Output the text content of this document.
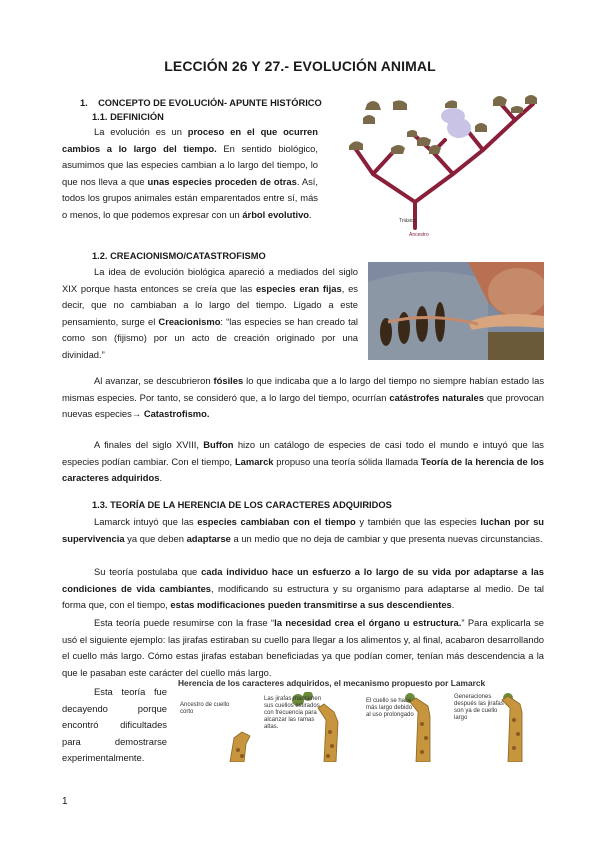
LECCIÓN 26 Y 27.- EVOLUCIÓN ANIMAL
1.    CONCEPTO DE EVOLUCIÓN- APUNTE HISTÓRICO
1.1. DEFINICIÓN
La evolución es un proceso en el que ocurren cambios a lo largo del tiempo. En sentido biológico, asumimos que las especies cambian a lo largo del tiempo, lo que nos lleva a que unas especies proceden de otras. Así, todos los grupos animales están emparentados entre sí, más o menos, lo que podemos expresar con un árbol evolutivo.
Triásico
Ancestro
1.2. CREACIONISMO/CATASTROFISMO
La idea de evolución biológica apareció a mediados del siglo XIX porque hasta entonces se creía que las especies eran fijas, es decir, que no cambiaban a lo largo del tiempo. Ligado a este pensamiento, surge el Creacionismo: “las especies se han creado tal como son (fijismo) por un acto de creación originado por una divinidad.”
Al avanzar, se descubrieron fósiles lo que indicaba que a lo largo del tiempo no siempre habían estado las mismas especies. Por tanto, se consideró que, a lo largo del tiempo, ocurrían catástrofes naturales que provocan nuevas especies→ Catastrofismo.
A finales del siglo XVIII, Buffon hizo un catálogo de especies de casi todo el mundo e intuyó que las especies podían cambiar. Con el tiempo, Lamarck propuso una teoría sólida llamada Teoría de la herencia de los caracteres adquiridos.
1.3. TEORÍA DE LA HERENCIA DE LOS CARACTERES ADQUIRIDOS
Lamarck intuyó que las especies cambiaban con el tiempo y también que las especies luchan por su supervivencia ya que deben adaptarse a un medio que no deja de cambiar y que presenta nuevas circunstancias.
Su teoría postulaba que cada individuo hace un esfuerzo a lo largo de su vida por adaptarse a las condiciones de vida cambiantes, modificando su estructura y su organismo para adaptarse al medio. De tal forma que, con el tiempo, estas modificaciones pueden transmitirse a sus descendientes.
Esta teoría puede resumirse con la frase “la necesidad crea el órgano u estructura.” Para explicarla se usó el siguiente ejemplo: las jirafas estiraban su cuello para llegar a los alimentos y, al final, acabaron desarrollando el cuello más largo. Cómo estas jirafas estaban beneficiadas ya que podían comer, tenían más descendencia a la que le pasaban este carácter del cuello más largo.
Esta teoría fue decayendo porque encontró dificultades para demostrarse experimentalmente.
Herencia de los caracteres adquiridos, el mecanismo propuesto por Lamarck
Ancestro de cuello corto
Las jirafas mantienen sus cuellos estirados con frecuencia para alcanzar las ramas altas.
El cuello se hace más largo debido al uso prolongado
Generaciones después las jirafas son ya de cuello largo
1
